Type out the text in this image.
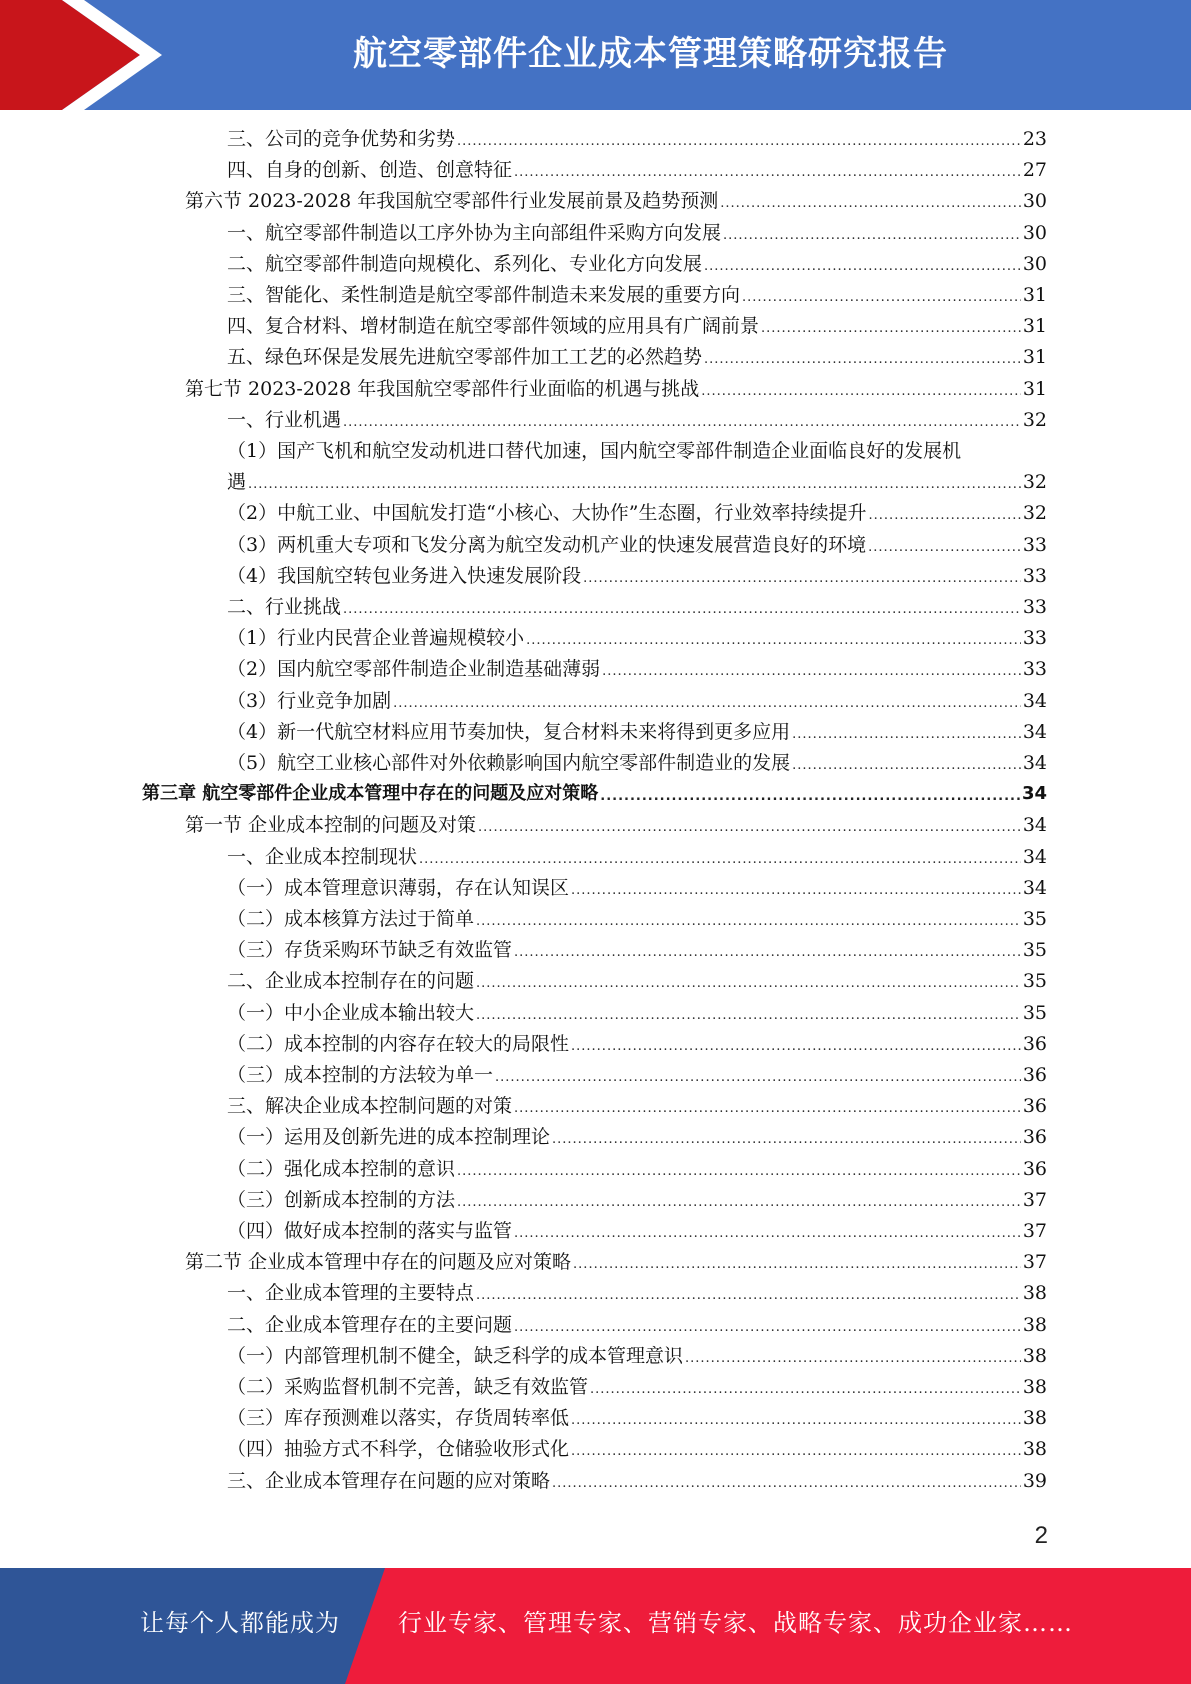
航空零部件企业成本管理策略研究报告
三、公司的竞争优势和劣势 .....	23
四、自身的创新、创造、创意特征 .....	27
第六节 2023-2028 年我国航空零部件行业发展前景及趋势预测 .....	30
一、航空零部件制造以工序外协为主向部组件采购方向发展 .....	30
二、航空零部件制造向规模化、系列化、专业化方向发展 .....	30
三、智能化、柔性制造是航空零部件制造未来发展的重要方向 .....	31
四、复合材料、增材制造在航空零部件领域的应用具有广阔前景 .....	31
五、绿色环保是发展先进航空零部件加工工艺的必然趋势 .....	31
第七节 2023-2028 年我国航空零部件行业面临的机遇与挑战 .....	31
一、行业机遇 .....	32
（1）国产飞机和航空发动机进口替代加速，国内航空零部件制造企业面临良好的发展机
遇 .....	32
（2）中航工业、中国航发打造“小核心、大协作”生态圈，行业效率持续提升 .....	32
（3）两机重大专项和飞发分离为航空发动机产业的快速发展营造良好的环境 .....	33
（4）我国航空转包业务进入快速发展阶段 .....	33
二、行业挑战 .....	33
（1）行业内民营企业普遍规模较小 .....	33
（2）国内航空零部件制造企业制造基础薄弱 .....	33
（3）行业竞争加剧 .....	34
（4）新一代航空材料应用节奏加快，复合材料未来将得到更多应用 .....	34
（5）航空工业核心部件对外依赖影响国内航空零部件制造业的发展 .....	34
第三章 航空零部件企业成本管理中存在的问题及应对策略 .....	34
第一节 企业成本控制的问题及对策 .....	34
一、企业成本控制现状 .....	34
（一）成本管理意识薄弱，存在认知误区 .....	34
（二）成本核算方法过于简单 .....	35
（三）存货采购环节缺乏有效监管 .....	35
二、企业成本控制存在的问题 .....	35
（一）中小企业成本输出较大 .....	35
（二）成本控制的内容存在较大的局限性 .....	36
（三）成本控制的方法较为单一 .....	36
三、解决企业成本控制问题的对策 .....	36
（一）运用及创新先进的成本控制理论 .....	36
（二）强化成本控制的意识 .....	36
（三）创新成本控制的方法 .....	37
（四）做好成本控制的落实与监管 .....	37
第二节 企业成本管理中存在的问题及应对策略 .....	37
一、企业成本管理的主要特点 .....	38
二、企业成本管理存在的主要问题 .....	38
（一）内部管理机制不健全，缺乏科学的成本管理意识 .....	38
（二）采购监督机制不完善，缺乏有效监管 .....	38
（三）库存预测难以落实，存货周转率低 .....	38
（四）抽验方式不科学，仓储验收形式化 .....	38
三、企业成本管理存在问题的应对策略 .....	39
2
让每个人都能成为 行业专家、管理专家、营销专家、战略专家、成功企业家……
